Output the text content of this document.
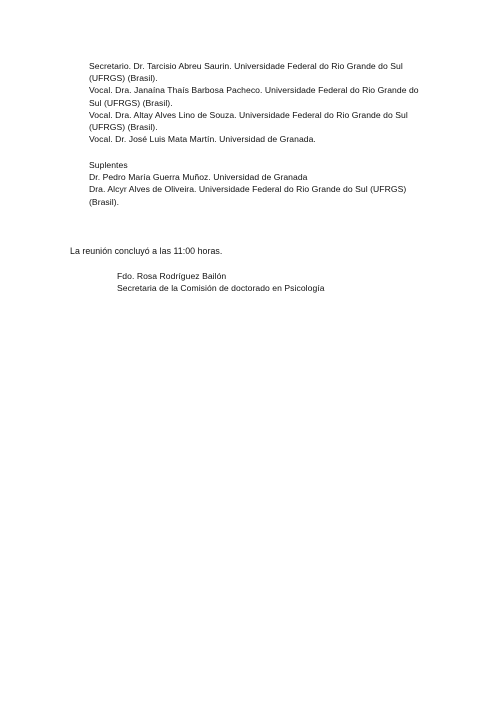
Secretario. Dr. Tarcisio Abreu Saurin. Universidade Federal do Rio Grande do Sul (UFRGS) (Brasil).

Vocal. Dra. Janaína Thaís Barbosa Pacheco. Universidade Federal do Rio Grande do Sul (UFRGS) (Brasil).

Vocal. Dra. Altay Alves Lino de Souza. Universidade Federal do Rio Grande do Sul (UFRGS) (Brasil).

Vocal. Dr. José Luis Mata Martín. Universidad de Granada.

Suplentes

Dr. Pedro María Guerra Muñoz. Universidad de Granada

Dra. Alcyr Alves de Oliveira. Universidade Federal do Rio Grande do Sul (UFRGS) (Brasil).

La reunión concluyó a las 11:00 horas.

Fdo. Rosa Rodríguez Bailón

Secretaria de la Comisión de doctorado en Psicología
